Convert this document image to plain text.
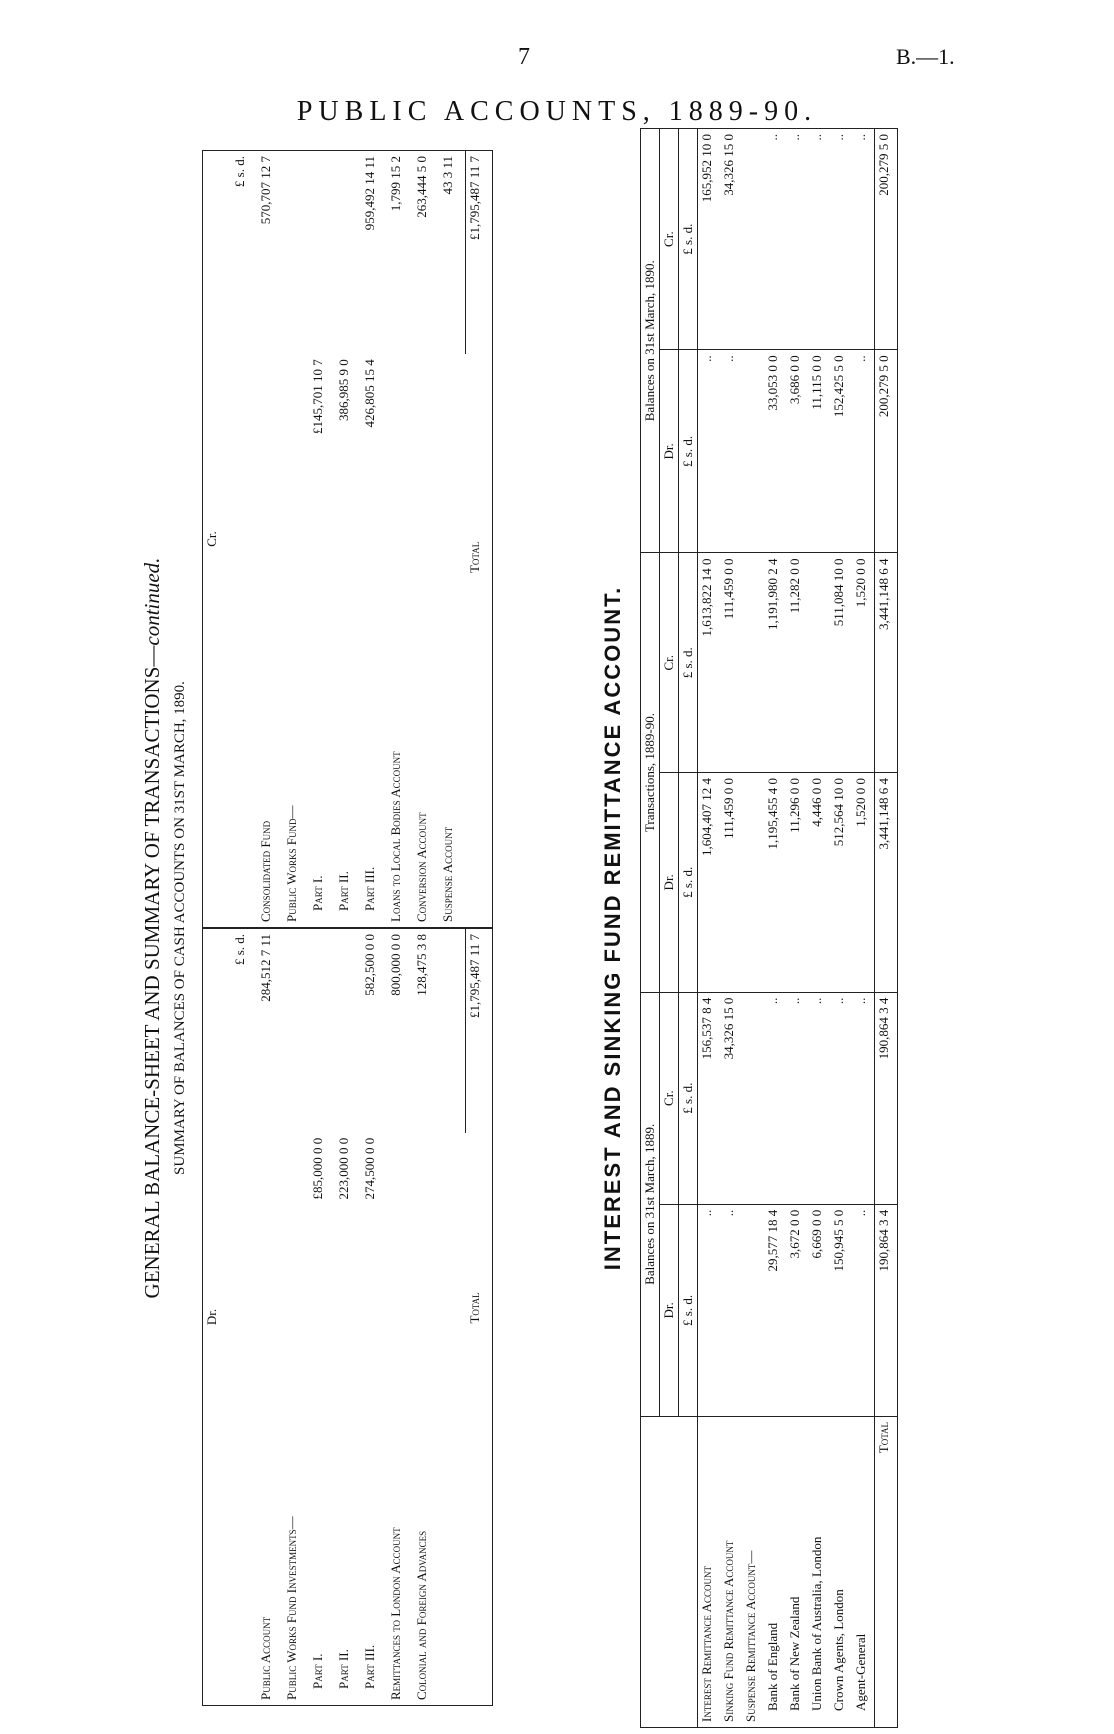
7	B.—1.
PUBLIC ACCOUNTS, 1889-90.
GENERAL BALANCE-SHEET AND SUMMARY OF TRANSACTIONS—continued.
SUMMARY OF BALANCES OF CASH ACCOUNTS ON 31ST MARCH, 1890.
Dr.			Cr.		
		£ s. d.			£ s. d.
Public Account		284,512 7 11	Consolidated Fund		570,707 12 7
Public Works Fund Investments—			Public Works Fund—		
Part I.	£85,000 0 0		Part I.	£145,701 10 7	
Part II.	223,000 0 0		Part II.	386,985 9 0	
Part III.	274,500 0 0	582,500 0 0	Part III.	426,805 15 4	959,492 14 11
Remittances to London Account		800,000 0 0	Loans to Local Bodies Account		1,799 15 2
Colonial and Foreign Advances		128,475 3 8	Conversion Account		263,444 5 0
			Suspense Account		43 3 11
Total		£1,795,487 11 7	Total		£1,795,487 11 7
INTEREST AND SINKING FUND REMITTANCE ACCOUNT.
	Balances on 31st March, 1889.		Transactions, 1889-90.		Balances on 31st March, 1890.	
	Dr.	Cr.	Dr.	Cr.	Dr.	Cr.
	£ s. d.	£ s. d.	£ s. d.	£ s. d.	£ s. d.	£ s. d.
Interest Remittance Account	..	156,537 8 4	1,604,407 12 4	1,613,822 14 0	..	165,952 10 0
Sinking Fund Remittance Account	..	34,326 15 0	111,459 0 0	111,459 0 0	..	34,326 15 0
Suspense Remittance Account—						
Bank of England	29,577 18 4	..	1,195,455 4 0	1,191,980 2 4	33,053 0 0	..
Bank of New Zealand	3,672 0 0	..	11,296 0 0	11,282 0 0	3,686 0 0	..
Union Bank of Australia, London	6,669 0 0	..	4,446 0 0		11,115 0 0	..
Crown Agents, London	150,945 5 0	..	512,564 10 0	511,084 10 0	152,425 5 0	..
Agent-General	..	..	1,520 0 0	1,520 0 0	..	..
Total	190,864 3 4	190,864 3 4	3,441,148 6 4	3,441,148 6 4	200,279 5 0	200,279 5 0
